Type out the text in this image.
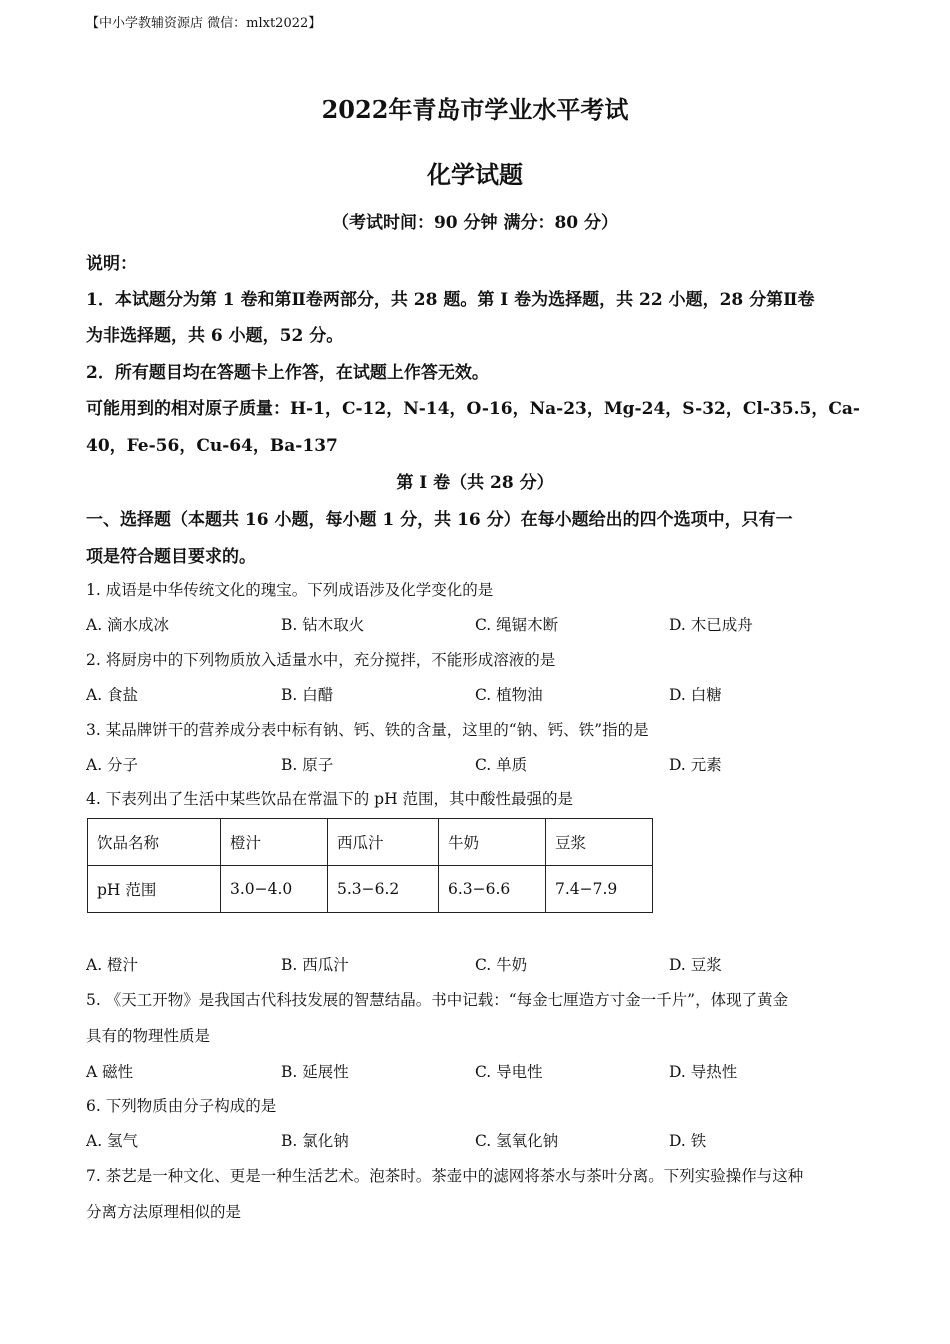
【中小学教辅资源店 微信：mlxt2022】
2022年青岛市学业水平考试
化学试题
（考试时间：90 分钟 满分：80 分）
说明：
1．本试题分为第 1 卷和第Ⅱ卷两部分，共 28 题。第 I 卷为选择题，共 22 小题，28 分第Ⅱ卷
为非选择题，共 6 小题，52 分。
2．所有题目均在答题卡上作答，在试题上作答无效。
可能用到的相对原子质量：H-1，C-12，N-14，O-16，Na-23，Mg-24，S-32，Cl-35.5，Ca-
40，Fe-56，Cu-64，Ba-137
第 I 卷（共 28 分）
一、选择题（本题共 16 小题，每小题 1 分，共 16 分）在每小题给出的四个选项中，只有一
项是符合题目要求的。
1. 成语是中华传统文化的瑰宝。下列成语涉及化学变化的是
A. 滴水成冰	B. 钻木取火	C. 绳锯木断	D. 木已成舟
2. 将厨房中的下列物质放入适量水中，充分搅拌，不能形成溶液的是
A. 食盐	B. 白醋	C. 植物油	D. 白糖
3. 某品牌饼干的营养成分表中标有钠、钙、铁的含量，这里的“钠、钙、铁”指的是
A. 分子	B. 原子	C. 单质	D. 元素
4. 下表列出了生活中某些饮品在常温下的 pH 范围，其中酸性最强的是
饮品名称	橙汁	西瓜汁	牛奶	豆浆
pH 范围	3.0−4.0	5.3−6.2	6.3−6.6	7.4−7.9
A. 橙汁	B. 西瓜汁	C. 牛奶	D. 豆浆
5. 《天工开物》是我国古代科技发展的智慧结晶。书中记载：“每金七厘造方寸金一千片”，体现了黄金
具有的物理性质是
A 磁性	B. 延展性	C. 导电性	D. 导热性
6. 下列物质由分子构成的是
A. 氢气	B. 氯化钠	C. 氢氧化钠	D. 铁
7. 茶艺是一种文化、更是一种生活艺术。泡茶时。茶壶中的滤网将茶水与茶叶分离。下列实验操作与这种
分离方法原理相似的是
